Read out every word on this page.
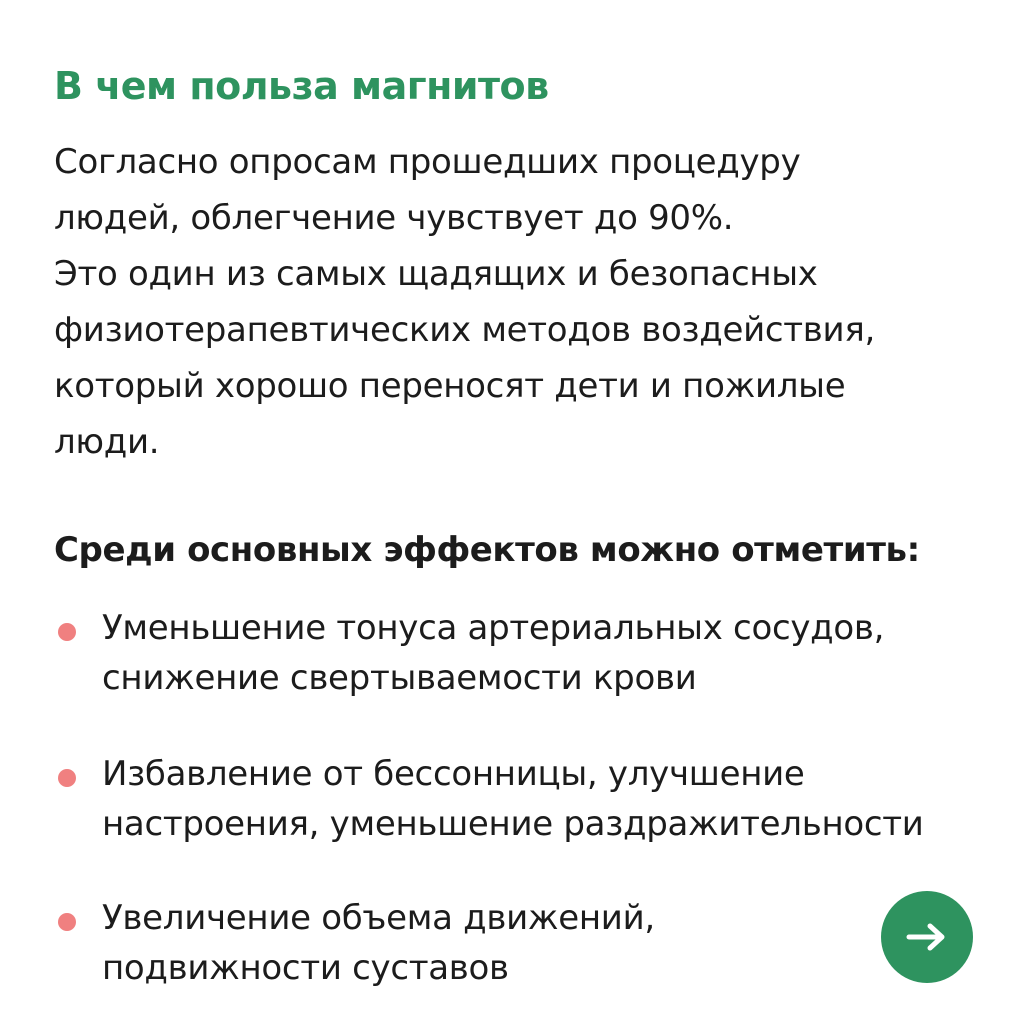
В чем польза магнитов

Согласно опросам прошедших процедуру
людей, облегчение чувствует до 90%.
Это один из самых щадящих и безопасных
физиотерапевтических методов воздействия,
который хорошо переносят дети и пожилые
люди.

Среди основных эффектов можно отметить:
Уменьшение тонуса артериальных сосудов,
снижение свертываемости крови
Избавление от бессонницы, улучшение
настроения, уменьшение раздражительности
Увеличение объема движений,
подвижности суставов
